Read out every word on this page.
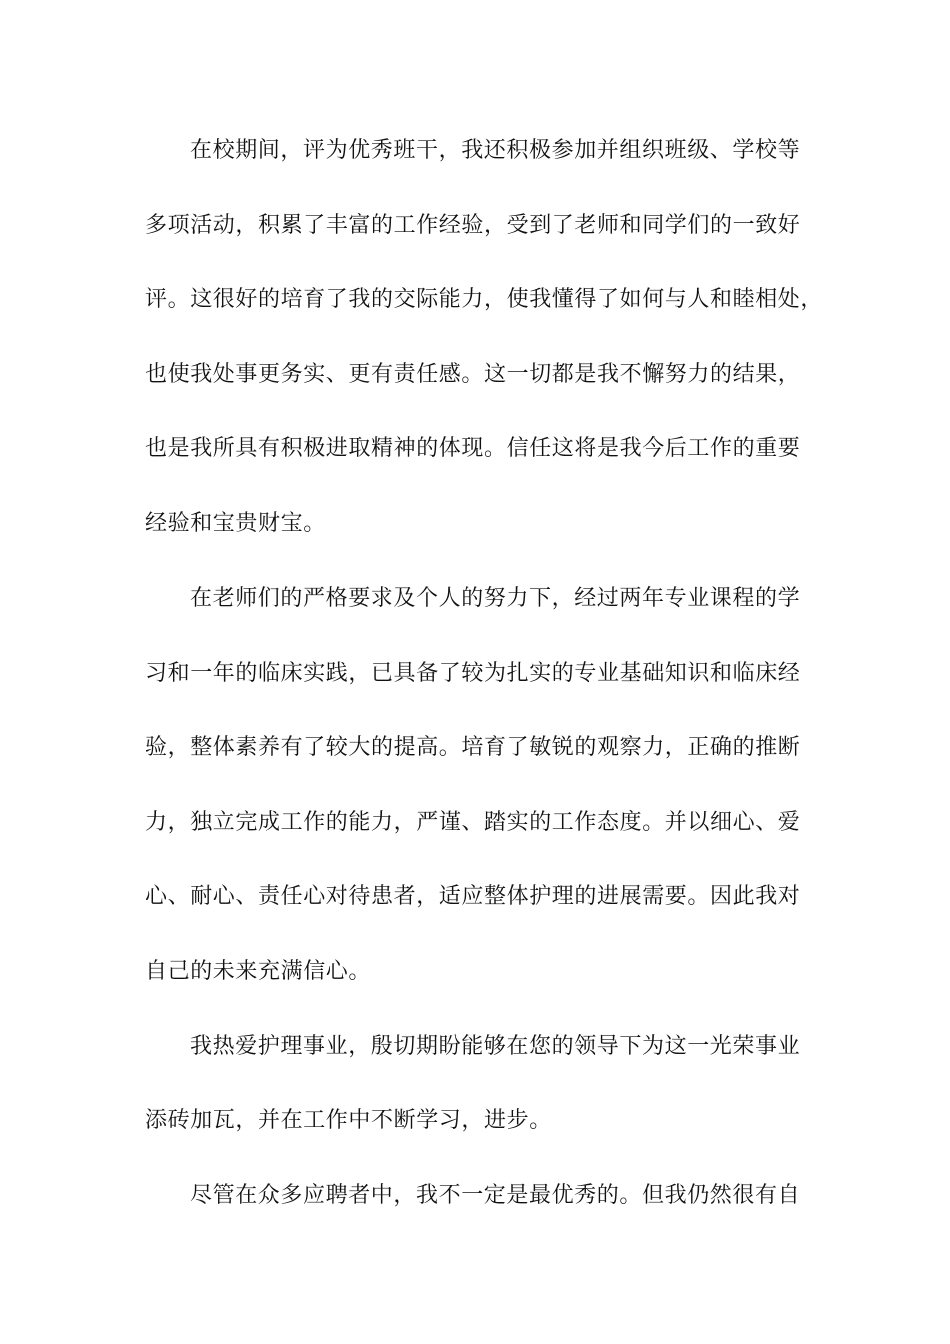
在校期间，评为优秀班干，我还积极参加并组织班级、学校等
多项活动，积累了丰富的工作经验，受到了老师和同学们的一致好
评。这很好的培育了我的交际能力，使我懂得了如何与人和睦相处，
也使我处事更务实、更有责任感。这一切都是我不懈努力的结果，
也是我所具有积极进取精神的体现。信任这将是我今后工作的重要
经验和宝贵财宝。
在老师们的严格要求及个人的努力下，经过两年专业课程的学
习和一年的临床实践，已具备了较为扎实的专业基础知识和临床经
验，整体素养有了较大的提高。培育了敏锐的观察力，正确的推断
力，独立完成工作的能力，严谨、踏实的工作态度。并以细心、爱
心、耐心、责任心对待患者，适应整体护理的进展需要。因此我对
自己的未来充满信心。
我热爱护理事业，殷切期盼能够在您的领导下为这一光荣事业
添砖加瓦，并在工作中不断学习，进步。
尽管在众多应聘者中，我不一定是最优秀的。但我仍然很有自
